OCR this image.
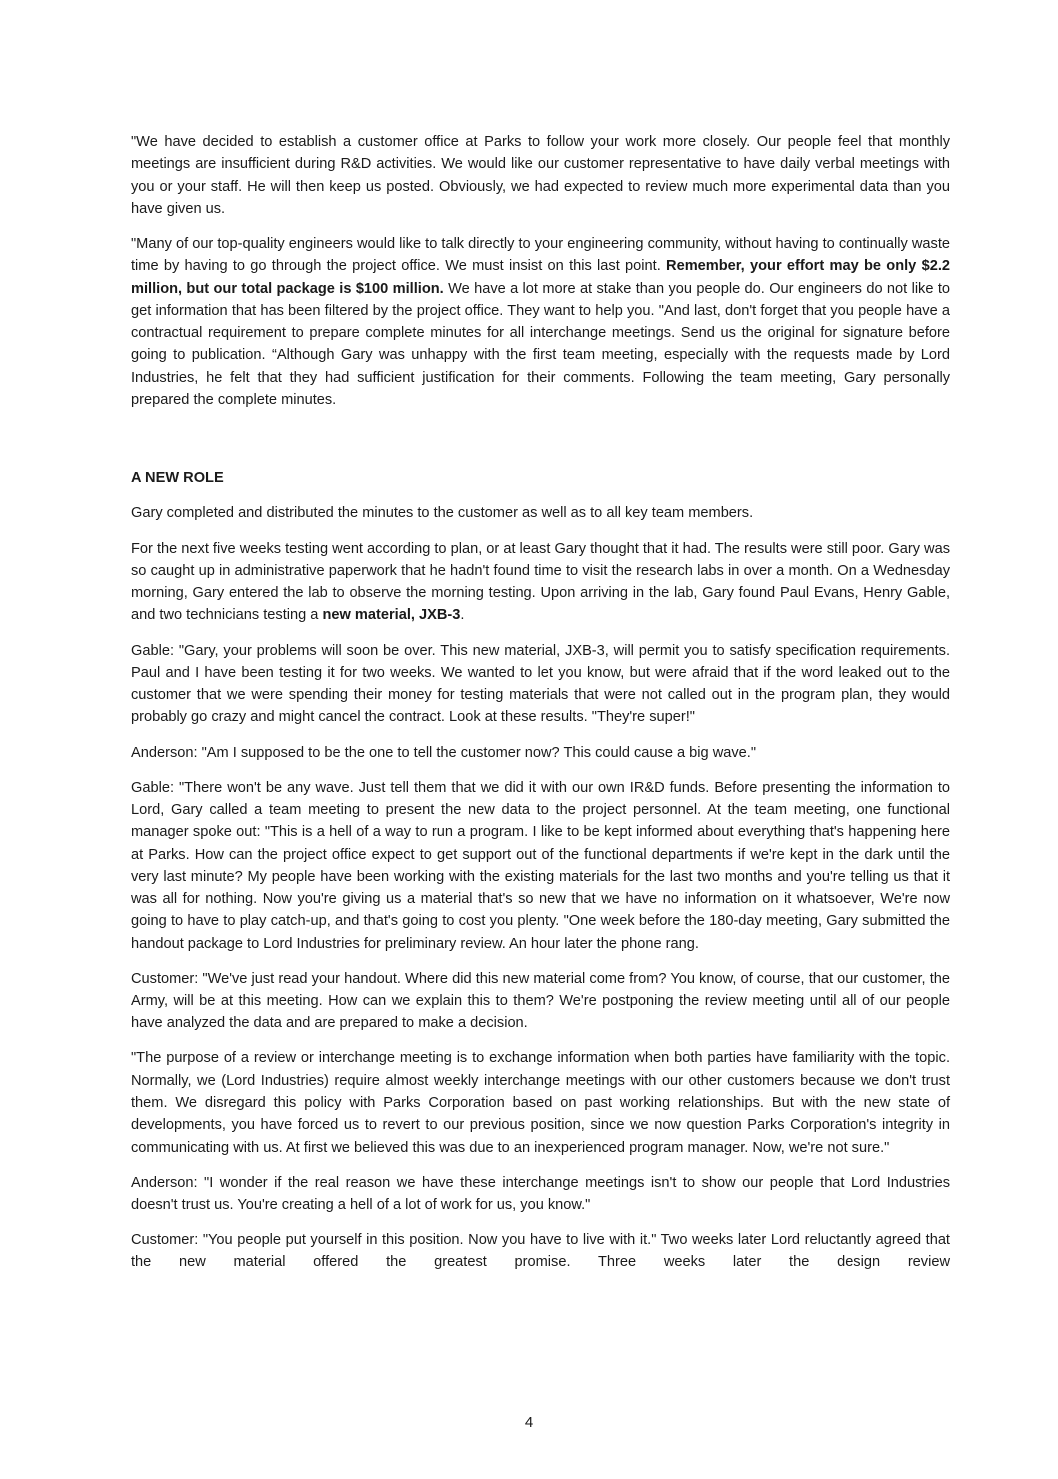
"We have decided to establish a customer office at Parks to follow your work more closely. Our people feel that monthly meetings are insufficient during R&D activities. We would like our customer representative to have daily verbal meetings with you or your staff. He will then keep us posted. Obviously, we had expected to review much more experimental data than you have given us.

"Many of our top-quality engineers would like to talk directly to your engineering community, without having to continually waste time by having to go through the project office. We must insist on this last point. Remember, your effort may be only $2.2 million, but our total package is $100 million. We have a lot more at stake than you people do. Our engineers do not like to get information that has been filtered by the project office. They want to help you. "And last, don't forget that you people have a contractual requirement to prepare complete minutes for all interchange meetings. Send us the original for signature before going to publication. “Although Gary was unhappy with the first team meeting, especially with the requests made by Lord Industries, he felt that they had sufficient justification for their comments. Following the team meeting, Gary personally prepared the complete minutes.

A NEW ROLE

Gary completed and distributed the minutes to the customer as well as to all key team members.

For the next five weeks testing went according to plan, or at least Gary thought that it had. The results were still poor. Gary was so caught up in administrative paperwork that he hadn't found time to visit the research labs in over a month. On a Wednesday morning, Gary entered the lab to observe the morning testing. Upon arriving in the lab, Gary found Paul Evans, Henry Gable, and two technicians testing a new material, JXB-3.

Gable: "Gary, your problems will soon be over. This new material, JXB-3, will permit you to satisfy specification requirements. Paul and I have been testing it for two weeks. We wanted to let you know, but were afraid that if the word leaked out to the customer that we were spending their money for testing materials that were not called out in the program plan, they would probably go crazy and might cancel the contract. Look at these results. "They're super!"

Anderson: "Am I supposed to be the one to tell the customer now? This could cause a big wave."

Gable: "There won't be any wave. Just tell them that we did it with our own IR&D funds. Before presenting the information to Lord, Gary called a team meeting to present the new data to the project personnel. At the team meeting, one functional manager spoke out: "This is a hell of a way to run a program. I like to be kept informed about everything that's happening here at Parks. How can the project office expect to get support out of the functional departments if we're kept in the dark until the very last minute? My people have been working with the existing materials for the last two months and you're telling us that it was all for nothing. Now you're giving us a material that's so new that we have no information on it whatsoever, We're now going to have to play catch-up, and that's going to cost you plenty. "One week before the 180-day meeting, Gary submitted the handout package to Lord Industries for preliminary review. An hour later the phone rang.

Customer: "We've just read your handout. Where did this new material come from? You know, of course, that our customer, the Army, will be at this meeting. How can we explain this to them? We're postponing the review meeting until all of our people have analyzed the data and are prepared to make a decision.

"The purpose of a review or interchange meeting is to exchange information when both parties have familiarity with the topic. Normally, we (Lord Industries) require almost weekly interchange meetings with our other customers because we don't trust them. We disregard this policy with Parks Corporation based on past working relationships. But with the new state of developments, you have forced us to revert to our previous position, since we now question Parks Corporation's integrity in communicating with us. At first we believed this was due to an inexperienced program manager. Now, we're not sure."

Anderson: "I wonder if the real reason we have these interchange meetings isn't to show our people that Lord Industries doesn't trust us. You're creating a hell of a lot of work for us, you know."

Customer: "You people put yourself in this position. Now you have to live with it." Two weeks later Lord reluctantly agreed that the new material offered the greatest promise. Three weeks later the design review

4
